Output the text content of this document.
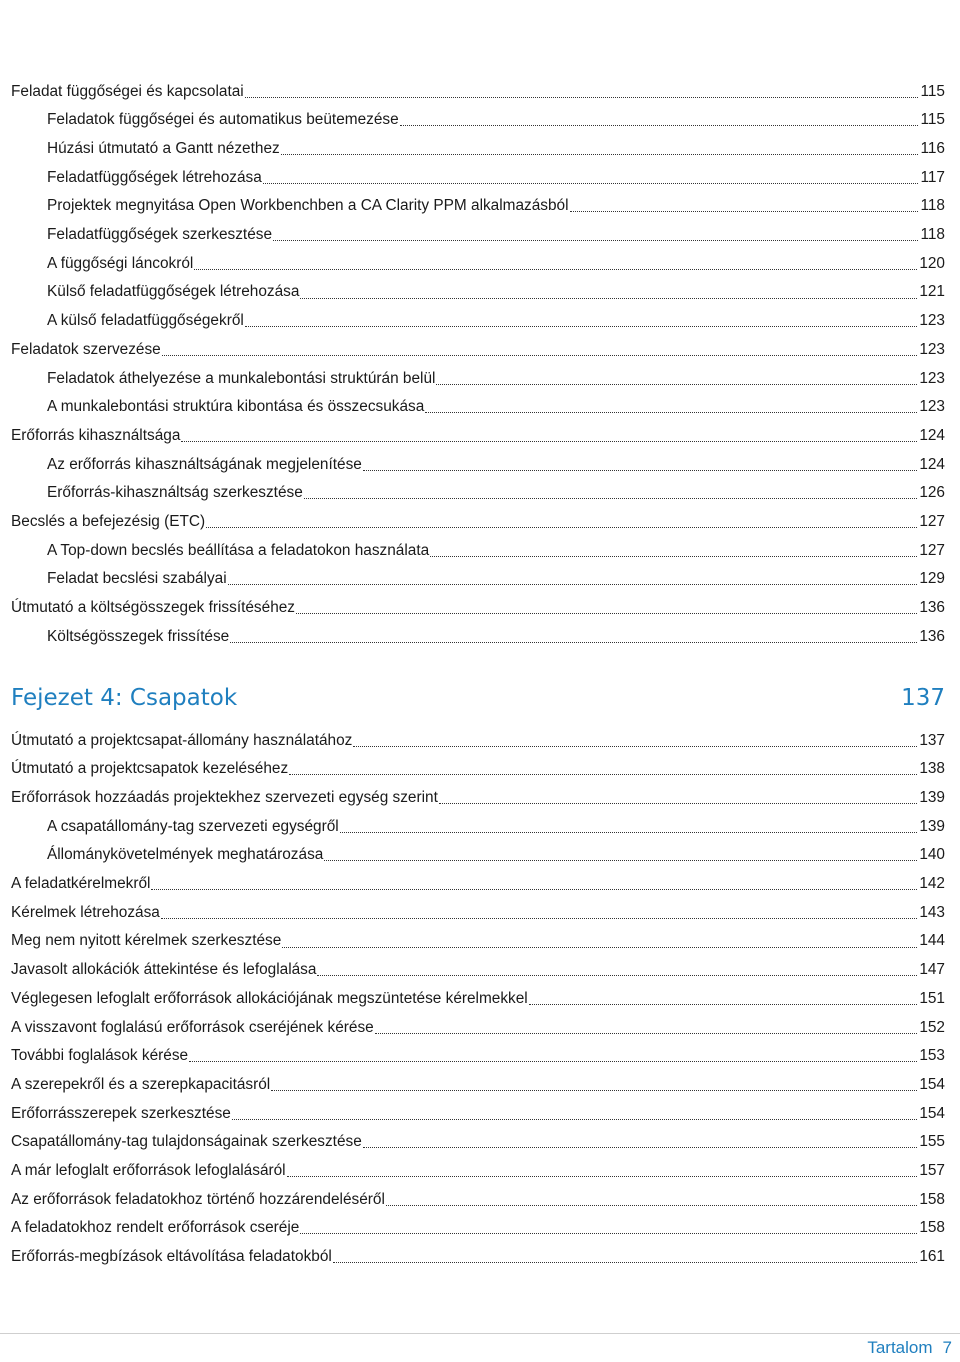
Feladat függőségei és kapcsolatai	115
Feladatok függőségei és automatikus beütemezése	115
Húzási útmutató a Gantt nézethez	116
Feladatfüggőségek létrehozása	117
Projektek megnyitása Open Workbenchben a CA Clarity PPM alkalmazásból	118
Feladatfüggőségek szerkesztése	118
A függőségi láncokról	120
Külső feladatfüggőségek létrehozása	121
A külső feladatfüggőségekről	123
Feladatok szervezése	123
Feladatok áthelyezése a munkalebontási struktúrán belül	123
A munkalebontási struktúra kibontása és összecsukása	123
Erőforrás kihasználtsága	124
Az erőforrás kihasználtságának megjelenítése	124
Erőforrás-kihasználtság szerkesztése	126
Becslés a befejezésig (ETC)	127
A Top-down becslés beállítása a feladatokon használata	127
Feladat becslési szabályai	129
Útmutató a költségösszegek frissítéséhez	136
Költségösszegek frissítése	136
Fejezet 4: Csapatok	137
Útmutató a projektcsapat-állomány használatához	137
Útmutató a projektcsapatok kezeléséhez	138
Erőforrások hozzáadás projektekhez szervezeti egység szerint	139
A csapatállomány-tag szervezeti egységről	139
Állománykövetelmények meghatározása	140
A feladatkérelmekről	142
Kérelmek létrehozása	143
Meg nem nyitott kérelmek szerkesztése	144
Javasolt allokációk áttekintése és lefoglalása	147
Véglegesen lefoglalt erőforrások allokációjának megszüntetése kérelmekkel	151
A visszavont foglalású erőforrások cseréjének kérése	152
További foglalások kérése	153
A szerepekről és a szerepkapacitásról	154
Erőforrásszerepek szerkesztése	154
Csapatállomány-tag tulajdonságainak szerkesztése	155
A már lefoglalt erőforrások lefoglalásáról	157
Az erőforrások feladatokhoz történő hozzárendeléséről	158
A feladatokhoz rendelt erőforrások cseréje	158
Erőforrás-megbízások eltávolítása feladatokból	161
Tartalom 7
